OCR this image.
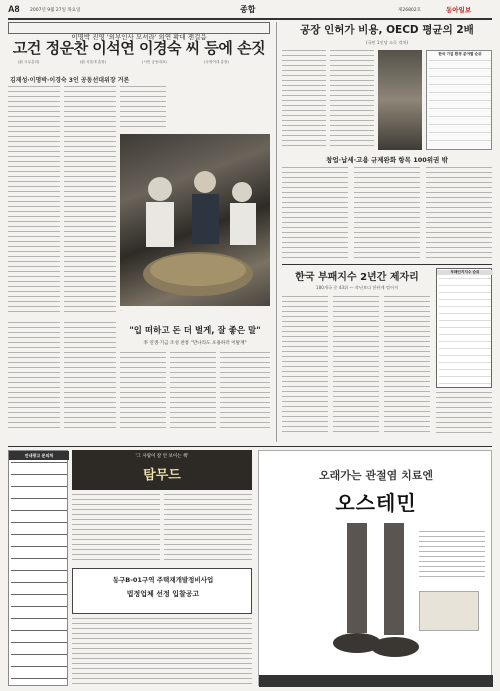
A8 2007년 9월 27일 목요일	종합	제26802호	동아일보
이명박 진영 '외부인사 모셔라' 외연 확대 잰걸음
고건 정운찬 이석연 이경숙 씨 등에 손짓
(前 국무총리)	(前 서울대 총장)	(시민 공동대표)	(숙명여대 총장)
김재성·이명박·이경숙 3인 공동선대위장 거론
...
"입 떠하고 돈 더 벌게, 잘 좋은 말"
李 연생·기금 조성 찬통 "만나라도 포용하러 이탈계"
공장 인허가 비용, OECD 평균의 2배
(국민 1인당 소득 격차)
한국 기업 환경 분야별 순위
창업·납세·고용 규제완화 항목 100위권 밖
한국 부패지수 2년간 제자리
180개국 중 43위 — 작년보다 한단계 떨어져
부패인지지수 순위
안내광고 문의처	'그 사람이 잘 안 보이는 책'
탐무드
동구B-01구역 주택재개발정비사업
법정업체 선정 입찰공고
오래가는 관절염 치료엔
오스테민
